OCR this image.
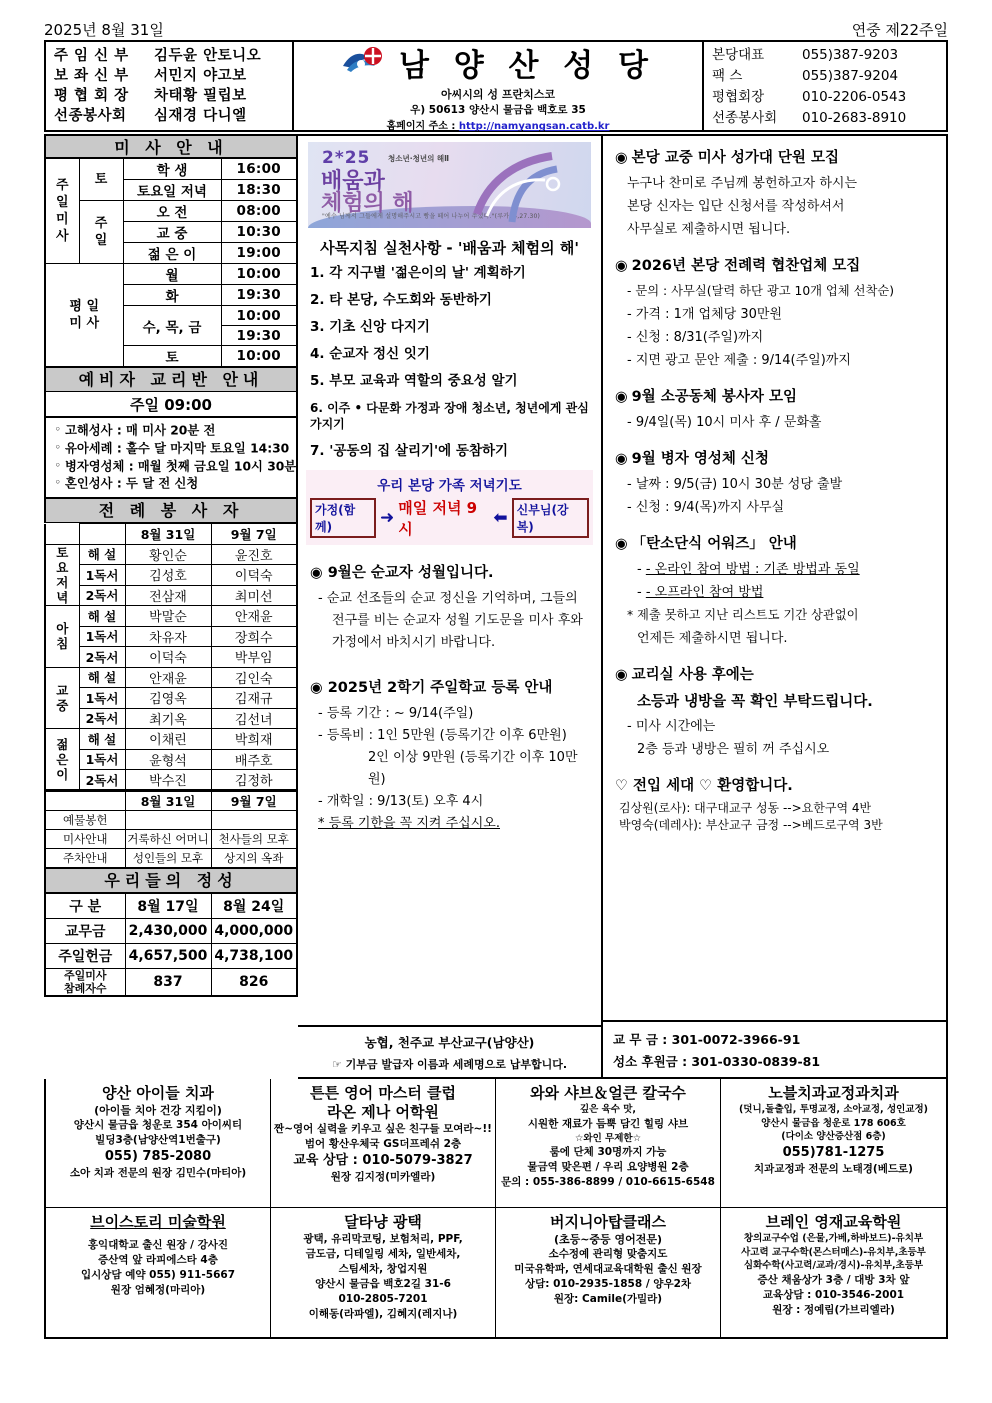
2025년 8월 31일	연중 제22주일
주 임 신 부	김두윤 안토니오
보 좌 신 부	서민지 야고보
평 협 회 장	차태황 필립보
선종봉사회	심재경 다니엘
남 양 산 성 당
아씨시의 성 프란치스코
우) 50613 양산시 물금읍 백호로 35
홈페이지 주소 : http://namyangsan.catb.kr
본당대표	055)387-9203
팩 스	055)387-9204
평협회장	010-2206-0543
선종봉사회	010-2683-8910
미 사 안 내
주
일
미
사	토	학 생	16:00
		토요일 저녁	18:30
	주
일	오 전	08:00
		교 중	10:30
		젊 은 이	19:00
평 일
미 사		월	10:00
		화	19:30
		수, 목, 금	10:00
			19:30
		토	10:00
예비자 교리반 안내
주일 09:00
◦ 고해성사 : 매 미사 20분 전
◦ 유아세례 : 홀수 달 마지막 토요일 14:30
◦ 병자영성체 : 매월 첫째 금요일 10시 30분
◦ 혼인성사 : 두 달 전 신청
전 례 봉 사 자
		8월 31일	9월 7일
토
요
저
녁	해 설	황인순	윤진호
	1독서	김성호	이덕숙
	2독서	전삼재	최미선
아
침	해 설	박말순	안재윤
	1독서	차유자	장희수
	2독서	이덕숙	박부임
교
중	해 설	안재윤	김인숙
	1독서	김영옥	김재규
	2독서	최기옥	김선녀
젊
은
이	해 설	이채린	박희재
	1독서	윤형석	배주호
	2독서	박수진	김정하
	8월 31일	9월 7일
예물봉헌		
미사안내	거룩하신 어머니	천사들의 모후
주차안내	성인들의 모후	상지의 옥좌
우리들의 정성
구 분	8월 17일	8월 24일
교무금	2,430,000	4,000,000
주일헌금	4,657,500	4,738,100
주일미사
참례자수	837	826
2*25 청소년·청년의 해Ⅱ
배움과
체험의 해
"예수 님께서 그들에게 설명해주시고 빵을 떼어 나누어 주셨다."(루카24,27.30)
사목지침 실천사항 - '배움과 체험의 해'
1. 각 지구별 '젊은이의 날' 계획하기
2. 타 본당, 수도회와 동반하기
3. 기초 신앙 다지기
4. 순교자 정신 잇기
5. 부모 교육과 역할의 중요성 알기
6. 이주 • 다문화 가정과 장애 청소년, 청년에게 관심 가지기
7. '공동의 집 살리기'에 동참하기
우리 본당 가족 저녁기도
가정(함께)	➜ 매일 저녁 9시
⬅ 신부님(강복)
◉ 9월은 순교자 성월입니다.

- 순교 선조들의 순교 정신을 기억하며, 그들의

전구를 비는 순교자 성월 기도문을 미사 후와

가정에서 바치시기 바랍니다.

◉ 2025년 2학기 주일학교 등록 안내

- 등록 기간 : ~ 9/14(주일)

- 등록비 : 1인 5만원 (등록기간 이후 6만원)

2인 이상 9만원 (등록기간 이후 10만원)

- 개학일 : 9/13(토) 오후 4시

* 등록 기한을 꼭 지켜 주십시오.

농협, 천주교 부산교구(남양산)
☞ 기부금 발급자 이름과 세례명으로 납부합니다.
◉ 본당 교중 미사 성가대 단원 모집
누구나 찬미로 주님께 봉헌하고자 하시는
본당 신자는 입단 신청서를 작성하셔서
사무실로 제출하시면 됩니다.
◉ 2026년 본당 전례력 협찬업체 모집
- 문의 : 사무실(달력 하단 광고 10개 업체 선착순)
- 가격 : 1개 업체당 30만원
- 신청 : 8/31(주일)까지
- 지면 광고 문안 제출 : 9/14(주일)까지
◉ 9월 소공동체 봉사자 모임
- 9/4일(목) 10시 미사 후 / 문화홀
◉ 9월 병자 영성체 신청
- 날짜 : 9/5(금) 10시 30분 성당 출발
- 신청 : 9/4(목)까지 사무실
◉ 「탄소단식 어워즈」 안내
- - 온라인 참여 방법 : 기존 방법과 동일
- - 오프라인 참여 방법
* 제출 못하고 지난 리스트도 기간 상관없이
언제든 제출하시면 됩니다.
◉ 교리실 사용 후에는
소등과 냉방을 꼭 확인 부탁드립니다.
- 미사 시간에는
2층 등과 냉방은 필히 꺼 주십시오
♡ 전입 세대 ♡ 환영합니다.
김상원(로사): 대구대교구 성동 -->요한구역 4반
박영숙(데레사): 부산교구 금정 -->베드로구역 3반
교 무 금 : 301-0072-3966-91
성소 후원금 : 301-0330-0839-81
양산 아이들 치과
(아이들 치아 건강 지킴이)
양산시 물금읍 청운로 354 아이씨티
빌딩3층(남양산역1번출구)
055) 785-2080
소아 치과 전문의 원장 김민수(마티아)
튼튼 영어 마스터 클럽
라온 제나 어학원
짠~영어 실력을 키우고 싶은 친구들 모여라~!!
범어 황산우체국 GS더프레쉬 2층
교육 상담 : 010-5079-3827
원장 김지정(미카엘라)
와와 샤브＆얼큰 칼국수
깊은 육수 맛,
시원한 재료가 듬뿍 담긴 힐링 샤브
☆와인 무제한☆
룸에 단체 30명까지 가능
물금역 맞은편 / 우리 요양병원 2층
문의 : 055-386-8899 / 010-6615-6548
노블치과교정과치과
(덧니,돌출입, 투명교정, 소아교정, 성인교정)
양산시 물금읍 청운로 178 606호
(다이소 양산증산점 6층)
055)781-1275
치과교정과 전문의 노태경(베드로)
브이스토리 미술학원
홍익대학교 출신 원장 / 강사진
증산역 앞 라피에스타 4층
입시상담 예약 055) 911-5667
원장 엄혜정(마리아)
달타냥 광택
광택, 유리막코팅, 보험처리, PPF,
금도금, 디테일링 세차, 일반세차,
스팀세차, 창업지원
양산시 물금읍 백호2길 31-6
010-2805-7201
이해동(라파엘), 김혜지(레지나)
버지니아탑클래스
(초등~중등 영어전문)
소수정예 관리형 맞춤지도
미국유학파, 연세대교육대학원 출신 원장
상담: 010-2935-1858 / 양우2차
원장: Camile(가밀라)
브레인 영재교육학원
창의교구수업 (은물,가베,하바보드)-유치부
사고력 교구수학(몬스터매스)-유치부,초등부
심화수학(사고력/교과/경시)-유치부,초등부
증산 채움상가 3층 / 대방 3차 앞
교육상담 : 010-3546-2001
원장 : 정예림(가브리엘라)
